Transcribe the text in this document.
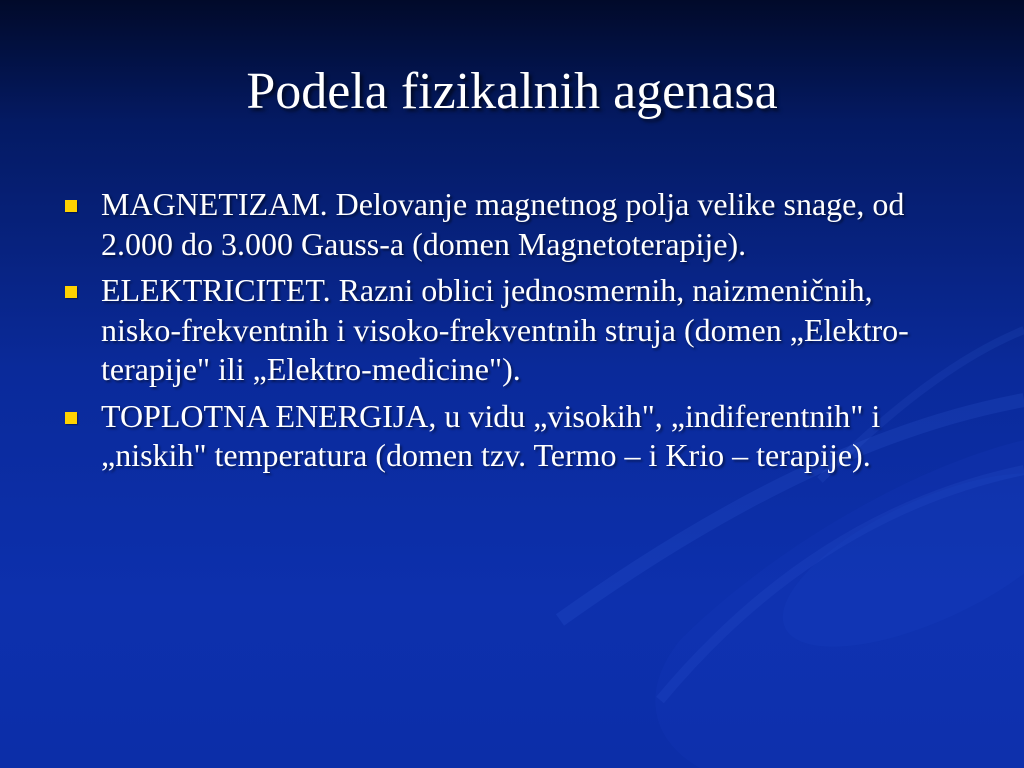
Podela fizikalnih agenasa
MAGNETIZAM. Delovanje magnetnog polja velike snage, od 2.000 do 3.000 Gauss-a (domen Magnetoterapije).
ELEKTRICITET. Razni oblici jednosmernih, naizmeničnih, nisko-frekventnih i visoko-frekventnih struja (domen „Elektro-terapije" ili „Elektro-medicine").
TOPLOTNA ENERGIJA, u vidu „visokih", „indiferentnih" i „niskih" temperatura (domen tzv. Termo – i Krio – terapije).
